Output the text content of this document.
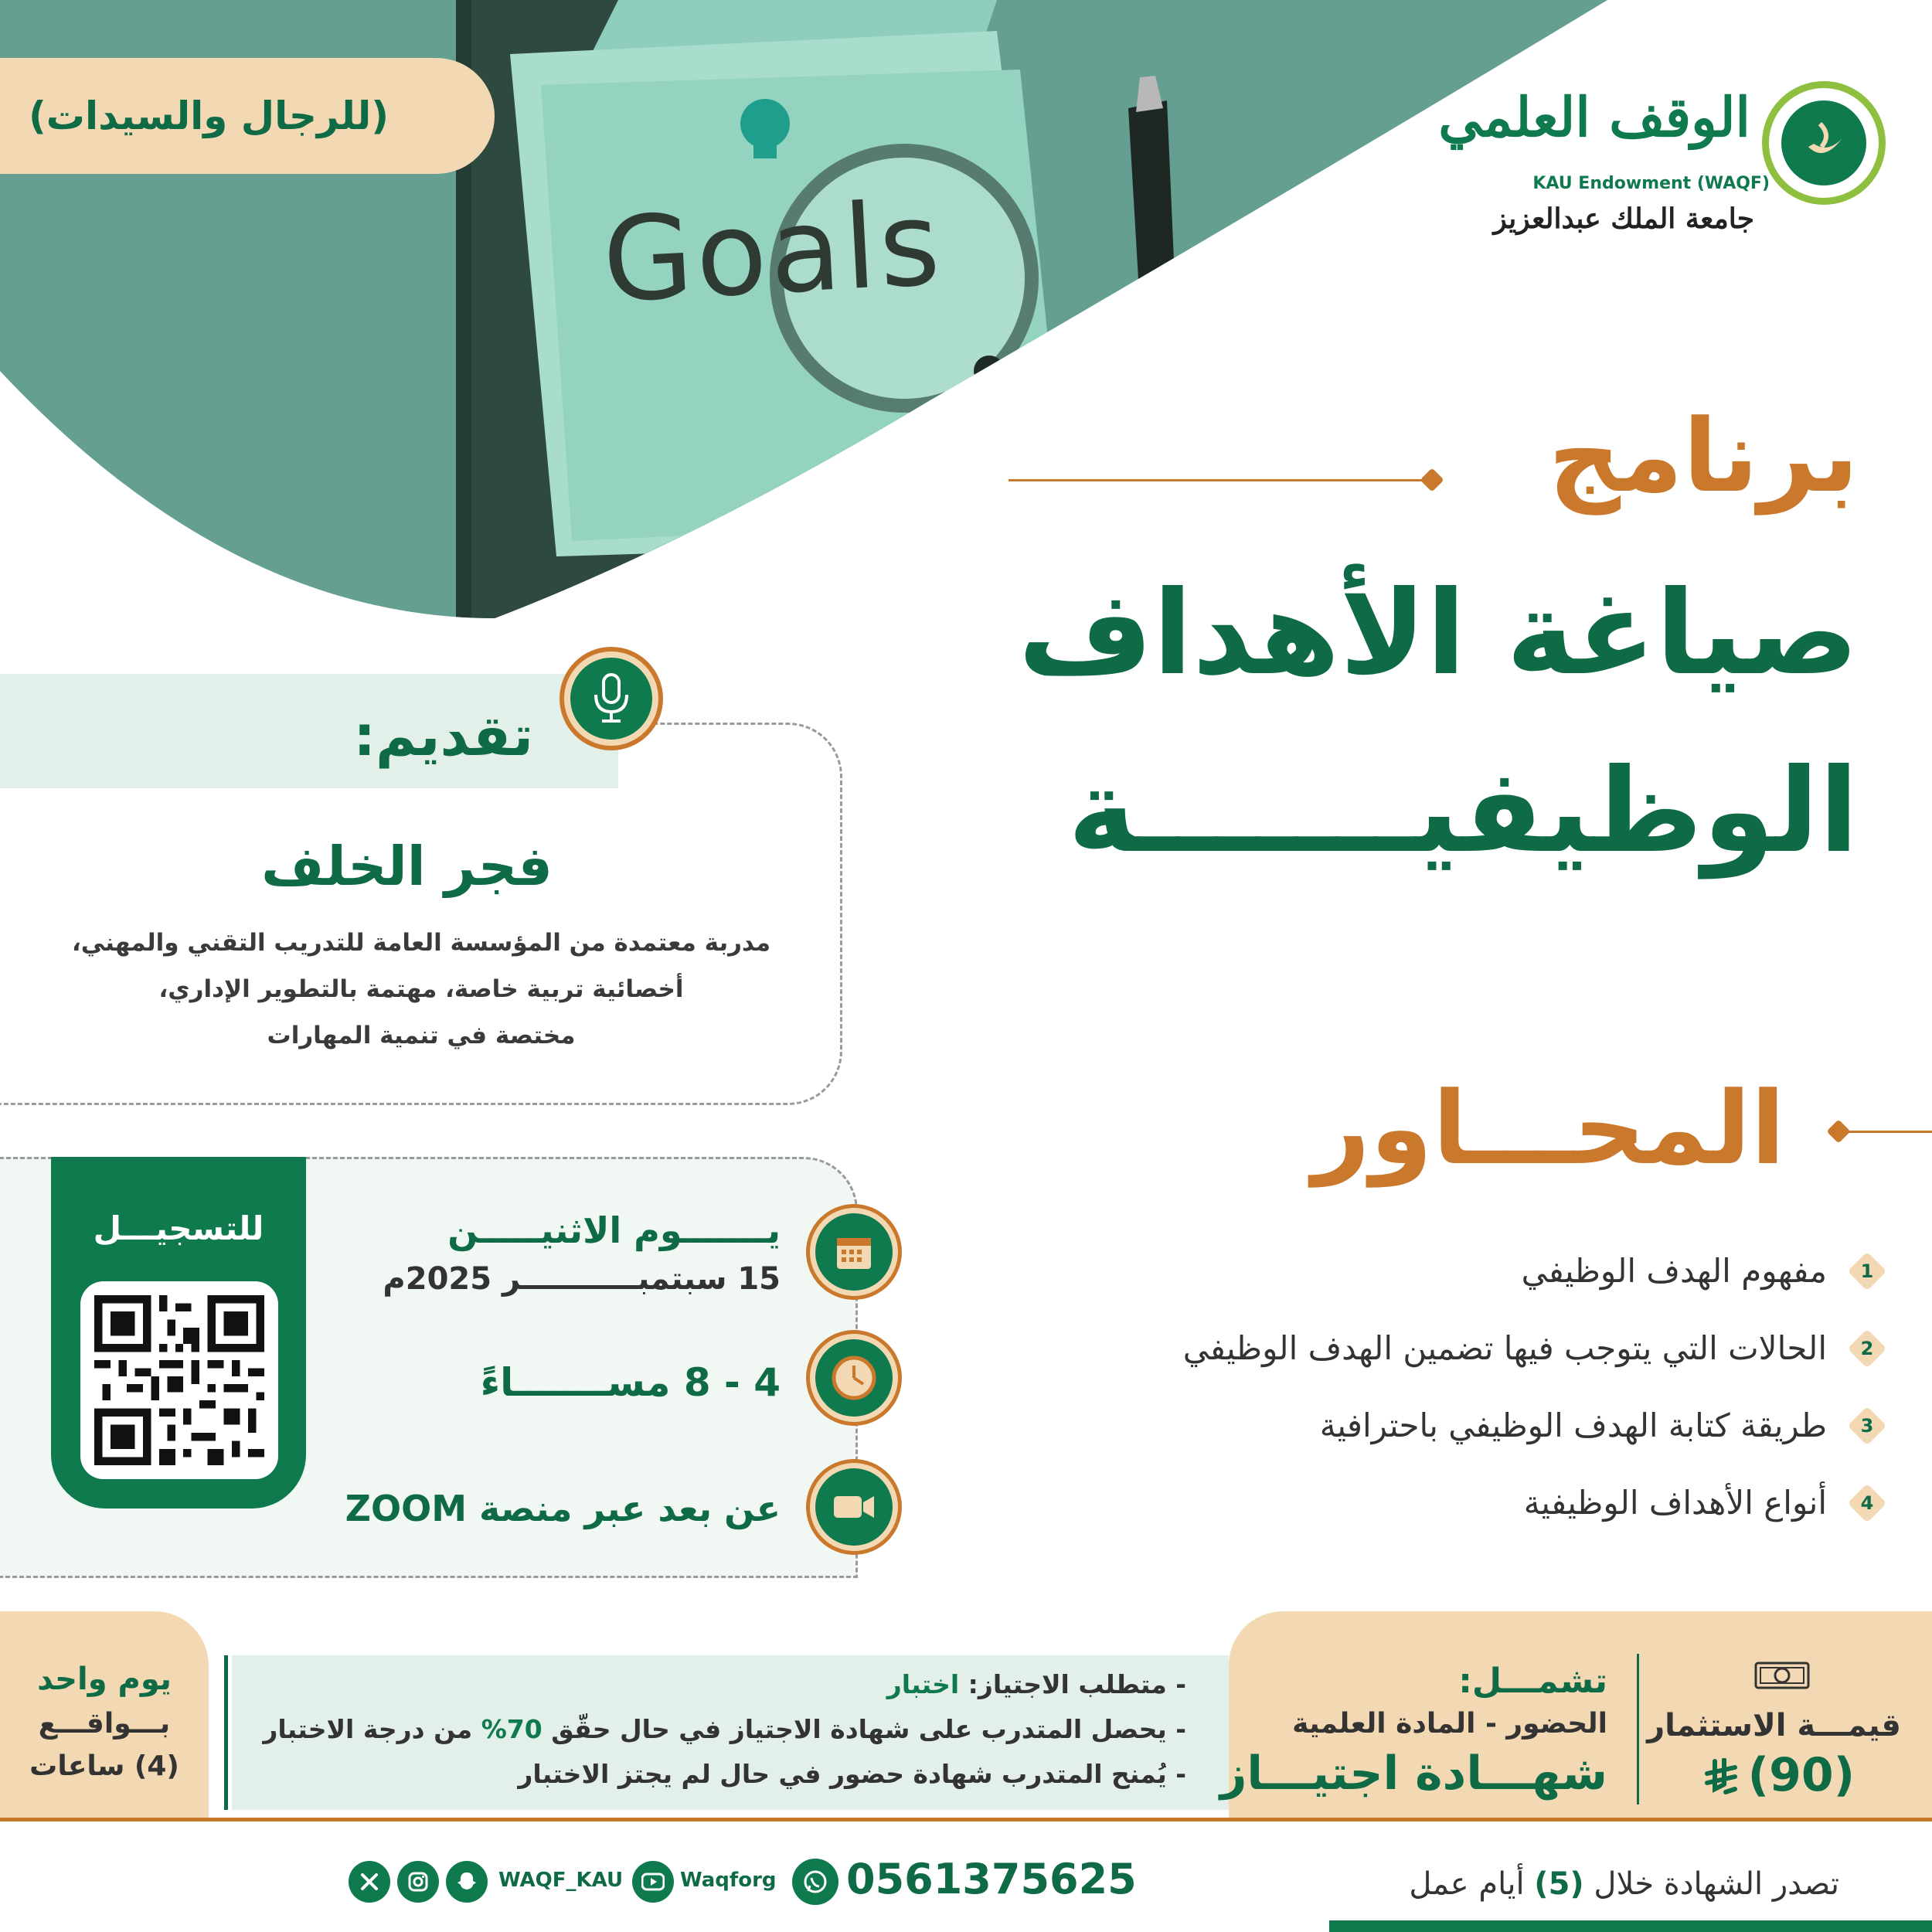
Goals
(للرجال والسيدات)	الوقف العلمي
KAU Endowment (WAQF)
جامعة الملك عبدالعزيز
برنامج
صياغة الأهداف
الوظيفيـــــــة
تقديم:
فجر الخلف
مدربة معتمدة من المؤسسة العامة للتدريب التقني والمهني،
أخصائية تربية خاصة، مهتمة بالتطوير الإداري،
مختصة في تنمية المهارات
للتسجيـــل	يـــــــوم الاثنيـــــن
15 سبتمبـــــــــــر 2025م
4 - 8 مســـــــاءً
عن بعد عبر منصة ZOOM
المحـــاور
1
مفهوم الهدف الوظيفي
2
الحالات التي يتوجب فيها تضمين الهدف الوظيفي
3
طريقة كتابة الهدف الوظيفي باحترافية
4
أنواع الأهداف الوظيفية
يوم واحد
بـــواقـــع
(4) ساعات
- متطلب الاجتياز: اختبار
- يحصل المتدرب على شهادة الاجتياز في حال حقّق 70% من درجة الاختبار
- يُمنح المتدرب شهادة حضور في حال لم يجتز الاختبار
تشمـــل:
الحضور - المادة العلمية
شهـــادة اجتيـــاز
قيمـــة الاستثمار
(90)
تصدر الشهادة خلال (5) أيام عمل
0561375625
Waqforg
WAQF_KAU
